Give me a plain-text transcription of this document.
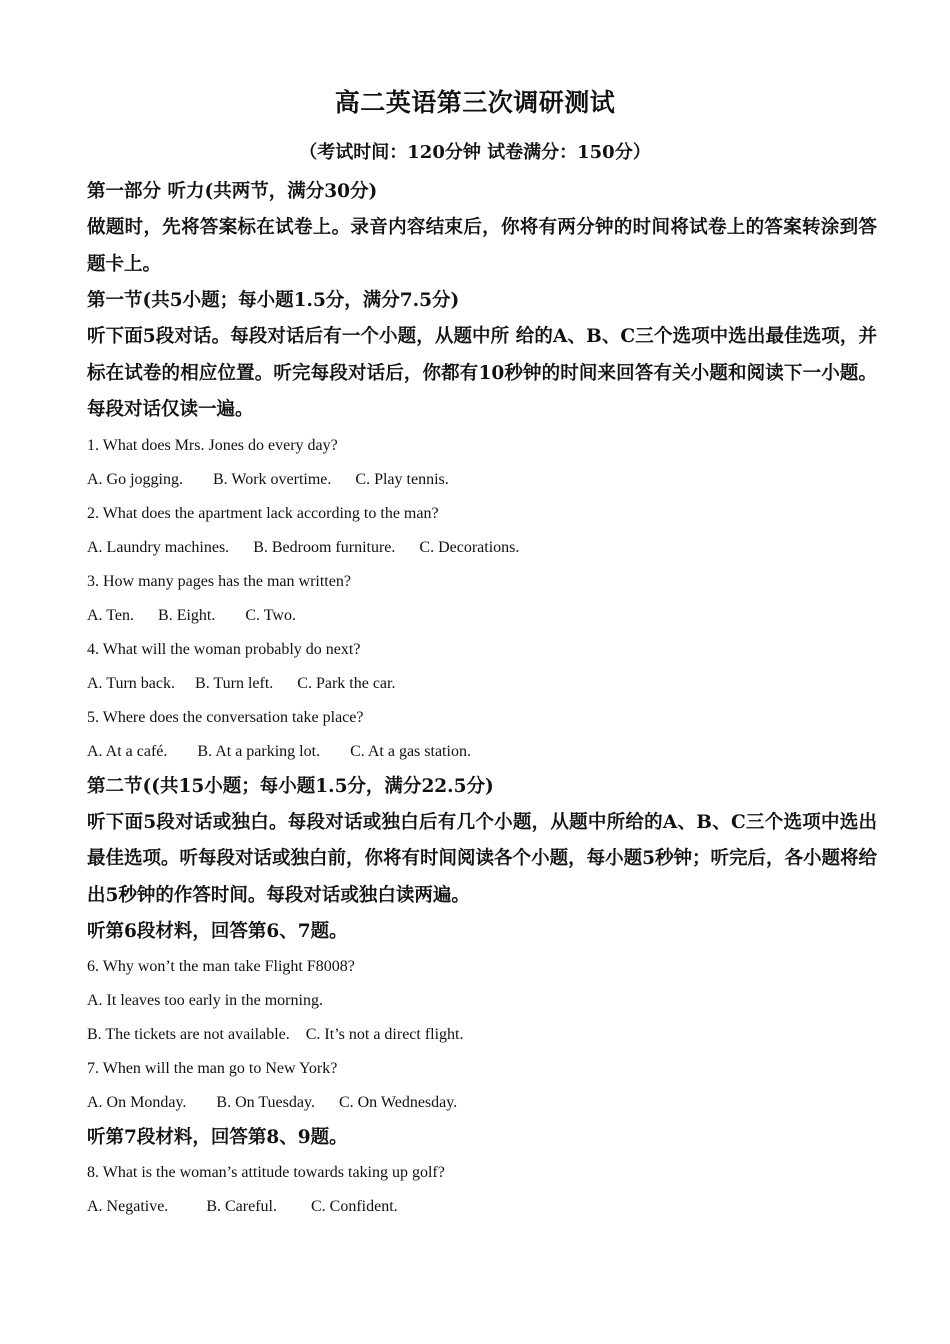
高二英语第三次调研测试
（考试时间：120分钟 试卷满分：150分）

第一部分 听力(共两节，满分30分)

做题时，先将答案标在试卷上。录音内容结束后，你将有两分钟的时间将试卷上的答案转涂到答题卡上。

第一节(共5小题；每小题1.5分，满分7.5分)

听下面5段对话。每段对话后有一个小题，从题中所 给的A、B、C三个选项中选出最佳选项，并标在试卷的相应位置。听完每段对话后，你都有10秒钟的时间来回答有关小题和阅读下一小题。每段对话仅读一遍。

1. What does Mrs. Jones do every day?

A. Go jogging. B. Work overtime. C. Play tennis.

2. What does the apartment lack according to the man?

A. Laundry machines. B. Bedroom furniture. C. Decorations.

3. How many pages has the man written?

A. Ten. B. Eight. C. Two.

4. What will the woman probably do next?

A. Turn back. B. Turn left. C. Park the car.

5. Where does the conversation take place?

A. At a café. B. At a parking lot. C. At a gas station.

第二节((共15小题；每小题1.5分，满分22.5分)

听下面5段对话或独白。每段对话或独白后有几个小题，从题中所给的A、B、C三个选项中选出最佳选项。听每段对话或独白前，你将有时间阅读各个小题，每小题5秒钟；听完后，各小题将给出5秒钟的作答时间。每段对话或独白读两遍。

听第6段材料，回答第6、7题。

6. Why won’t the man take Flight F8008?

A. It leaves too early in the morning.

B. The tickets are not available. C. It’s not a direct flight.

7. When will the man go to New York?

A. On Monday. B. On Tuesday. C. On Wednesday.

听第7段材料，回答第8、9题。

8. What is the woman’s attitude towards taking up golf?

A. Negative. B. Careful. C. Confident.
